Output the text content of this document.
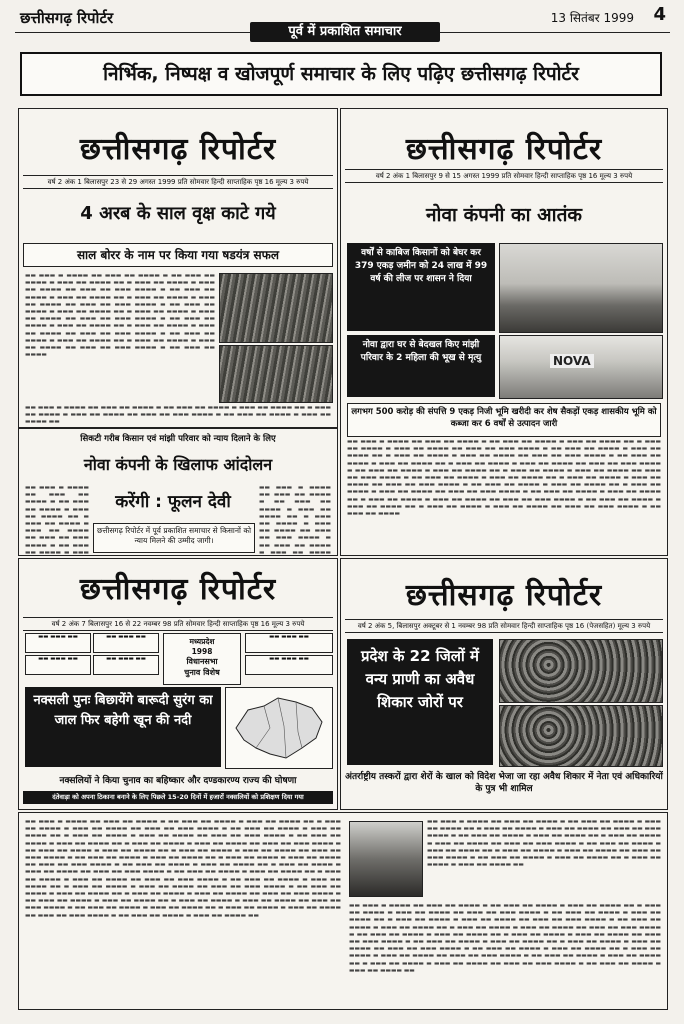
छत्तीसगढ़ रिपोर्टर	13 सितंबर 1999 4
पूर्व में प्रकाशित समाचार
निर्भिक, निष्पक्ष व खोजपूर्ण समाचार के लिए पढ़िए छत्तीसगढ़ रिपोर्टर
छत्तीसगढ़ रिपोर्टर
वर्ष 2 अंक 1 बिलासपुर 23 से 29 अगस्त 1999 प्रति सोमवार हिन्दी साप्ताहिक पृष्ठ 16 मूल्य 3 रुपये
4 अरब के साल वृक्ष काटे गये
साल बोरर के नाम पर किया गया षडयंत्र सफल
▬▬ ▬▬▬ ▬ ▬▬▬▬ ▬▬ ▬▬▬ ▬▬ ▬▬▬▬ ▬ ▬▬ ▬▬▬ ▬▬ ▬▬▬▬ ▬ ▬▬▬ ▬▬ ▬▬▬▬ ▬▬ ▬ ▬▬▬ ▬▬ ▬▬▬▬ ▬ ▬▬▬ ▬▬ ▬▬▬▬ ▬▬ ▬▬▬ ▬▬ ▬▬▬ ▬▬▬▬ ▬ ▬▬ ▬▬▬ ▬▬ ▬▬▬▬ ▬ ▬▬▬ ▬▬ ▬▬▬▬ ▬▬ ▬ ▬▬▬ ▬▬ ▬▬▬▬ ▬ ▬▬▬ ▬▬ ▬▬▬▬ ▬▬ ▬▬▬ ▬▬ ▬▬▬ ▬▬▬▬ ▬ ▬▬ ▬▬▬ ▬▬ ▬▬▬▬ ▬ ▬▬▬ ▬▬ ▬▬▬▬ ▬▬ ▬ ▬▬▬ ▬▬ ▬▬▬▬ ▬ ▬▬▬ ▬▬ ▬▬▬▬ ▬▬ ▬▬▬ ▬▬ ▬▬▬ ▬▬▬▬ ▬ ▬▬ ▬▬▬ ▬▬ ▬▬▬▬ ▬ ▬▬▬ ▬▬ ▬▬▬▬ ▬▬ ▬ ▬▬▬ ▬▬ ▬▬▬▬ ▬ ▬▬▬ ▬▬ ▬▬▬▬ ▬▬ ▬▬▬ ▬▬ ▬▬▬ ▬▬▬▬ ▬ ▬▬ ▬▬▬ ▬▬ ▬▬▬▬ ▬ ▬▬▬ ▬▬ ▬▬▬▬ ▬▬ ▬ ▬▬▬ ▬▬ ▬▬▬▬ ▬ ▬▬▬ ▬▬ ▬▬▬▬ ▬▬ ▬▬▬ ▬▬ ▬▬▬ ▬▬▬▬ ▬ ▬▬ ▬▬▬ ▬▬ ▬▬▬▬
▬▬ ▬▬▬ ▬ ▬▬▬▬ ▬▬ ▬▬▬ ▬▬ ▬▬▬▬ ▬ ▬▬ ▬▬▬ ▬▬ ▬▬▬▬ ▬ ▬▬▬ ▬▬ ▬▬▬▬ ▬▬ ▬ ▬▬▬ ▬▬ ▬▬▬▬ ▬ ▬▬▬ ▬▬ ▬▬▬▬ ▬▬ ▬▬▬ ▬▬ ▬▬▬ ▬▬▬▬ ▬ ▬▬ ▬▬▬ ▬▬ ▬▬▬▬ ▬ ▬▬▬ ▬▬ ▬▬▬▬ ▬▬
सिकटी गरीब किसान एवं मांझी परिवार को न्याय दिलाने के लिए
नोवा कंपनी के खिलाफ आंदोलन
▬▬ ▬▬▬ ▬ ▬▬▬▬ ▬▬ ▬▬▬ ▬▬ ▬▬▬▬ ▬ ▬▬ ▬▬▬ ▬▬ ▬▬▬▬ ▬ ▬▬▬ ▬▬ ▬▬▬▬ ▬▬ ▬ ▬▬▬ ▬▬ ▬▬▬▬ ▬ ▬▬▬ ▬▬ ▬▬▬▬ ▬▬ ▬▬▬ ▬▬ ▬▬▬ ▬▬▬▬ ▬ ▬▬ ▬▬▬ ▬▬ ▬▬▬▬ ▬ ▬▬▬
करेंगी : फूलन देवी
▬▬ ▬▬▬ ▬ ▬▬▬▬ ▬▬ ▬▬▬ ▬▬ ▬▬▬▬ ▬ ▬▬ ▬▬▬ ▬▬ ▬▬▬▬ ▬ ▬▬▬ ▬▬ ▬▬▬▬ ▬▬ ▬ ▬▬▬ ▬▬ ▬▬▬▬ ▬ ▬▬▬ ▬▬ ▬▬▬▬ ▬▬ ▬▬▬ ▬▬ ▬▬▬ ▬▬▬▬ ▬ ▬▬ ▬▬▬ ▬▬ ▬▬▬▬ ▬ ▬▬▬ ▬▬ ▬▬▬▬
छत्तीसगढ़ रिपोर्टर में पूर्व प्रकाशित समाचार से किसानों को न्याय मिलने की उम्मीद जागी।
छत्तीसगढ़ रिपोर्टर
वर्ष 2 अंक 1 बिलासपुर 9 से 15 अगस्त 1999 प्रति सोमवार हिन्दी साप्ताहिक पृष्ठ 16 मूल्य 3 रुपये
नोवा कंपनी का आतंक
वर्षों से काबिज किसानों को बेघर कर 379 एकड़ जमीन को 24 लाख में 99 वर्ष की लीज पर शासन ने दिया
नोवा द्वारा घर से बेदखल किए मांझी परिवार के 2 महिला की भूख से मृत्यु	NOVA
लगभग 500 करोड़ की संपत्ति 9 एकड़ निजी भूमि खरीदी कर शेष सैकड़ों एकड़ शासकीय भूमि को कब्जा कर 6 वर्षों से उत्पादन जारी
▬▬ ▬▬▬ ▬ ▬▬▬▬ ▬▬ ▬▬▬ ▬▬ ▬▬▬▬ ▬ ▬▬ ▬▬▬ ▬▬ ▬▬▬▬ ▬ ▬▬▬ ▬▬ ▬▬▬▬ ▬▬ ▬ ▬▬▬ ▬▬ ▬▬▬▬ ▬ ▬▬▬ ▬▬ ▬▬▬▬ ▬▬ ▬▬▬ ▬▬ ▬▬▬ ▬▬▬▬ ▬ ▬▬ ▬▬▬ ▬▬ ▬▬▬▬ ▬ ▬▬▬ ▬▬ ▬▬▬▬ ▬▬ ▬ ▬▬▬ ▬▬ ▬▬▬▬ ▬ ▬▬▬ ▬▬ ▬▬▬▬ ▬▬ ▬▬▬ ▬▬ ▬▬▬ ▬▬▬▬ ▬ ▬▬ ▬▬▬ ▬▬ ▬▬▬▬ ▬ ▬▬▬ ▬▬ ▬▬▬▬ ▬▬ ▬ ▬▬▬ ▬▬ ▬▬▬▬ ▬ ▬▬▬ ▬▬ ▬▬▬▬ ▬▬ ▬▬▬ ▬▬ ▬▬▬ ▬▬▬▬ ▬ ▬▬ ▬▬▬ ▬▬ ▬▬▬▬ ▬ ▬▬▬ ▬▬ ▬▬▬▬ ▬▬ ▬ ▬▬▬ ▬▬ ▬▬▬▬ ▬ ▬▬▬ ▬▬ ▬▬▬▬ ▬▬ ▬▬▬ ▬▬ ▬▬▬ ▬▬▬▬ ▬ ▬▬ ▬▬▬ ▬▬ ▬▬▬▬ ▬ ▬▬▬ ▬▬ ▬▬▬▬ ▬▬ ▬ ▬▬▬ ▬▬ ▬▬▬▬ ▬ ▬▬▬ ▬▬ ▬▬▬▬ ▬▬ ▬▬▬ ▬▬ ▬▬▬ ▬▬▬▬ ▬ ▬▬ ▬▬▬ ▬▬ ▬▬▬▬ ▬ ▬▬▬ ▬▬ ▬▬▬▬ ▬▬ ▬ ▬▬▬ ▬▬ ▬▬▬▬ ▬ ▬▬▬ ▬▬ ▬▬▬▬ ▬▬ ▬▬▬ ▬▬ ▬▬▬ ▬▬▬▬ ▬ ▬▬ ▬▬▬ ▬▬ ▬▬▬▬ ▬ ▬▬▬ ▬▬ ▬▬▬▬ ▬▬ ▬ ▬▬▬ ▬▬ ▬▬▬▬ ▬ ▬▬▬ ▬▬ ▬▬▬▬ ▬▬ ▬▬▬ ▬▬ ▬▬▬ ▬▬▬▬ ▬ ▬▬ ▬▬▬ ▬▬ ▬▬▬▬ ▬ ▬▬▬ ▬▬ ▬▬▬▬ ▬▬ ▬ ▬▬▬ ▬▬ ▬▬▬▬ ▬ ▬▬▬ ▬▬ ▬▬▬▬ ▬▬ ▬▬▬ ▬▬ ▬▬▬ ▬▬▬▬ ▬ ▬▬ ▬▬▬ ▬▬ ▬▬▬▬
छत्तीसगढ़ रिपोर्टर
वर्ष 2 अंक 7 बिलासपुर 16 से 22 नवम्बर 98 प्रति सोमवार हिन्दी साप्ताहिक पृष्ठ 16 मूल्य 3 रुपये
▬▬ ▬▬▬ ▬▬	▬▬ ▬▬▬ ▬▬
▬▬ ▬▬▬ ▬▬	▬▬ ▬▬▬ ▬▬
मध्यप्रदेश
1998
विधानसभा
चुनाव विशेष
▬▬ ▬▬▬ ▬▬
▬▬ ▬▬▬ ▬▬
नक्सली पुनः बिछायेंगे बारूदी सुरंग का जाल फिर बहेगी खून की नदी
नक्सलियों ने किया चुनाव का बहिष्कार और दण्डकारण्य राज्य की घोषणा
दंतेवाड़ा को अपना ठिकाना बनाने के लिए पिछले 15-20 दिनों में हजारों नक्सलियों को प्रशिक्षण दिया गया
छत्तीसगढ़ रिपोर्टर
वर्ष 2 अंक 5, बिलासपुर अक्टूबर से 1 नवम्बर 98 प्रति सोमवार हिन्दी साप्ताहिक पृष्ठ 16 (पेजसहित) मूल्य 3 रुपये
प्रदेश के 22 जिलों में वन्य प्राणी का अवैध शिकार जोरों पर
अंतर्राष्ट्रीय तस्करों द्वारा शेरों के खाल को विदेश भेजा जा रहा अवैध शिकार में नेता एवं अधिकारियों के पुत्र भी शामिल
▬▬ ▬▬▬ ▬ ▬▬▬▬ ▬▬ ▬▬▬ ▬▬ ▬▬▬▬ ▬ ▬▬ ▬▬▬ ▬▬ ▬▬▬▬ ▬ ▬▬▬ ▬▬ ▬▬▬▬ ▬▬ ▬ ▬▬▬ ▬▬ ▬▬▬▬ ▬ ▬▬▬ ▬▬ ▬▬▬▬ ▬▬ ▬▬▬ ▬▬ ▬▬▬ ▬▬▬▬ ▬ ▬▬ ▬▬▬ ▬▬ ▬▬▬▬ ▬ ▬▬▬ ▬▬ ▬▬▬▬ ▬▬ ▬ ▬▬▬ ▬▬ ▬▬▬▬ ▬ ▬▬▬ ▬▬ ▬▬▬▬ ▬▬ ▬▬▬ ▬▬ ▬▬▬ ▬▬▬▬ ▬ ▬▬ ▬▬▬ ▬▬ ▬▬▬▬ ▬ ▬▬▬ ▬▬ ▬▬▬▬ ▬▬ ▬ ▬▬▬ ▬▬ ▬▬▬▬ ▬ ▬▬▬ ▬▬ ▬▬▬▬ ▬▬ ▬▬▬ ▬▬ ▬▬▬ ▬▬▬▬ ▬ ▬▬ ▬▬▬ ▬▬ ▬▬▬▬ ▬ ▬▬▬ ▬▬ ▬▬▬▬ ▬▬ ▬ ▬▬▬ ▬▬ ▬▬▬▬ ▬ ▬▬▬ ▬▬ ▬▬▬▬ ▬▬ ▬▬▬ ▬▬ ▬▬▬ ▬▬▬▬ ▬ ▬▬ ▬▬▬ ▬▬ ▬▬▬▬ ▬ ▬▬▬ ▬▬ ▬▬▬▬ ▬▬ ▬ ▬▬▬ ▬▬ ▬▬▬▬ ▬ ▬▬▬ ▬▬ ▬▬▬▬ ▬▬ ▬▬▬ ▬▬ ▬▬▬ ▬▬▬▬ ▬ ▬▬ ▬▬▬ ▬▬ ▬▬▬▬ ▬ ▬▬▬ ▬▬ ▬▬▬▬ ▬▬ ▬ ▬▬▬ ▬▬ ▬▬▬▬ ▬ ▬▬▬ ▬▬ ▬▬▬▬ ▬▬ ▬▬▬ ▬▬ ▬▬▬ ▬▬▬▬ ▬ ▬▬ ▬▬▬ ▬▬ ▬▬▬▬ ▬ ▬▬▬ ▬▬ ▬▬▬▬ ▬▬ ▬ ▬▬▬ ▬▬ ▬▬▬▬ ▬ ▬▬▬ ▬▬ ▬▬▬▬ ▬▬ ▬▬▬ ▬▬ ▬▬▬ ▬▬▬▬ ▬ ▬▬ ▬▬▬ ▬▬ ▬▬▬▬ ▬ ▬▬▬ ▬▬ ▬▬▬▬ ▬▬ ▬ ▬▬▬ ▬▬ ▬▬▬▬ ▬ ▬▬▬ ▬▬ ▬▬▬▬ ▬▬ ▬▬▬ ▬▬ ▬▬▬ ▬▬▬▬ ▬ ▬▬ ▬▬▬ ▬▬ ▬▬▬▬ ▬ ▬▬▬ ▬▬ ▬▬▬▬ ▬▬ ▬ ▬▬▬ ▬▬ ▬▬▬▬ ▬ ▬▬▬ ▬▬ ▬▬▬▬ ▬▬ ▬▬▬ ▬▬ ▬▬▬ ▬▬▬▬ ▬ ▬▬ ▬▬▬ ▬▬ ▬▬▬▬ ▬ ▬▬▬ ▬▬ ▬▬▬▬ ▬▬ ▬ ▬▬▬ ▬▬ ▬▬▬▬ ▬ ▬▬▬ ▬▬ ▬▬▬▬ ▬▬ ▬▬▬ ▬▬ ▬▬▬ ▬▬▬▬ ▬ ▬▬ ▬▬▬ ▬▬ ▬▬▬▬ ▬ ▬▬▬ ▬▬ ▬▬▬▬ ▬▬ ▬ ▬▬▬ ▬▬ ▬▬▬▬ ▬ ▬▬▬ ▬▬ ▬▬▬▬ ▬▬ ▬▬▬ ▬▬ ▬▬▬ ▬▬▬▬ ▬ ▬▬ ▬▬▬ ▬▬ ▬▬▬▬ ▬ ▬▬▬ ▬▬ ▬▬▬▬ ▬▬
▬▬ ▬▬▬ ▬ ▬▬▬▬ ▬▬ ▬▬▬ ▬▬ ▬▬▬▬ ▬ ▬▬ ▬▬▬ ▬▬ ▬▬▬▬ ▬ ▬▬▬ ▬▬ ▬▬▬▬ ▬▬ ▬ ▬▬▬ ▬▬ ▬▬▬▬ ▬ ▬▬▬ ▬▬ ▬▬▬▬ ▬▬ ▬▬▬ ▬▬ ▬▬▬ ▬▬▬▬ ▬ ▬▬ ▬▬▬ ▬▬ ▬▬▬▬ ▬ ▬▬▬ ▬▬ ▬▬▬▬ ▬▬ ▬ ▬▬▬ ▬▬ ▬▬▬▬ ▬ ▬▬▬ ▬▬ ▬▬▬▬ ▬▬ ▬▬▬ ▬▬ ▬▬▬ ▬▬▬▬ ▬ ▬▬ ▬▬▬ ▬▬ ▬▬▬▬ ▬ ▬▬▬ ▬▬ ▬▬▬▬ ▬▬ ▬ ▬▬▬ ▬▬ ▬▬▬▬ ▬ ▬▬▬ ▬▬ ▬▬▬▬ ▬▬ ▬▬▬ ▬▬ ▬▬▬ ▬▬▬▬ ▬ ▬▬ ▬▬▬ ▬▬ ▬▬▬▬ ▬ ▬▬▬ ▬▬ ▬▬▬▬ ▬▬ ▬ ▬▬▬ ▬▬ ▬▬▬▬ ▬ ▬▬▬ ▬▬ ▬▬▬▬ ▬▬
▬▬ ▬▬▬ ▬ ▬▬▬▬ ▬▬ ▬▬▬ ▬▬ ▬▬▬▬ ▬ ▬▬ ▬▬▬ ▬▬ ▬▬▬▬ ▬ ▬▬▬ ▬▬ ▬▬▬▬ ▬▬ ▬ ▬▬▬ ▬▬ ▬▬▬▬ ▬ ▬▬▬ ▬▬ ▬▬▬▬ ▬▬ ▬▬▬ ▬▬ ▬▬▬ ▬▬▬▬ ▬ ▬▬ ▬▬▬ ▬▬ ▬▬▬▬ ▬ ▬▬▬ ▬▬ ▬▬▬▬ ▬▬ ▬ ▬▬▬ ▬▬ ▬▬▬▬ ▬ ▬▬▬ ▬▬ ▬▬▬▬ ▬▬ ▬▬▬ ▬▬ ▬▬▬ ▬▬▬▬ ▬ ▬▬ ▬▬▬ ▬▬ ▬▬▬▬ ▬ ▬▬▬ ▬▬ ▬▬▬▬ ▬▬ ▬ ▬▬▬ ▬▬ ▬▬▬▬ ▬ ▬▬▬ ▬▬ ▬▬▬▬ ▬▬ ▬▬▬ ▬▬ ▬▬▬ ▬▬▬▬ ▬ ▬▬ ▬▬▬ ▬▬ ▬▬▬▬ ▬ ▬▬▬ ▬▬ ▬▬▬▬ ▬▬ ▬ ▬▬▬ ▬▬ ▬▬▬▬ ▬ ▬▬▬ ▬▬ ▬▬▬▬ ▬▬ ▬▬▬ ▬▬ ▬▬▬ ▬▬▬▬ ▬ ▬▬ ▬▬▬ ▬▬ ▬▬▬▬ ▬ ▬▬▬ ▬▬ ▬▬▬▬ ▬▬ ▬ ▬▬▬ ▬▬ ▬▬▬▬ ▬ ▬▬▬ ▬▬ ▬▬▬▬ ▬▬ ▬▬▬ ▬▬ ▬▬▬ ▬▬▬▬ ▬ ▬▬ ▬▬▬ ▬▬ ▬▬▬▬ ▬ ▬▬▬ ▬▬ ▬▬▬▬ ▬▬ ▬ ▬▬▬ ▬▬ ▬▬▬▬ ▬ ▬▬▬ ▬▬ ▬▬▬▬ ▬▬ ▬▬▬ ▬▬ ▬▬▬ ▬▬▬▬ ▬ ▬▬ ▬▬▬ ▬▬ ▬▬▬▬ ▬ ▬▬▬ ▬▬ ▬▬▬▬ ▬▬ ▬ ▬▬▬ ▬▬ ▬▬▬▬ ▬ ▬▬▬ ▬▬ ▬▬▬▬ ▬▬ ▬▬▬ ▬▬ ▬▬▬ ▬▬▬▬ ▬ ▬▬ ▬▬▬ ▬▬ ▬▬▬▬ ▬ ▬▬▬ ▬▬ ▬▬▬▬ ▬▬
